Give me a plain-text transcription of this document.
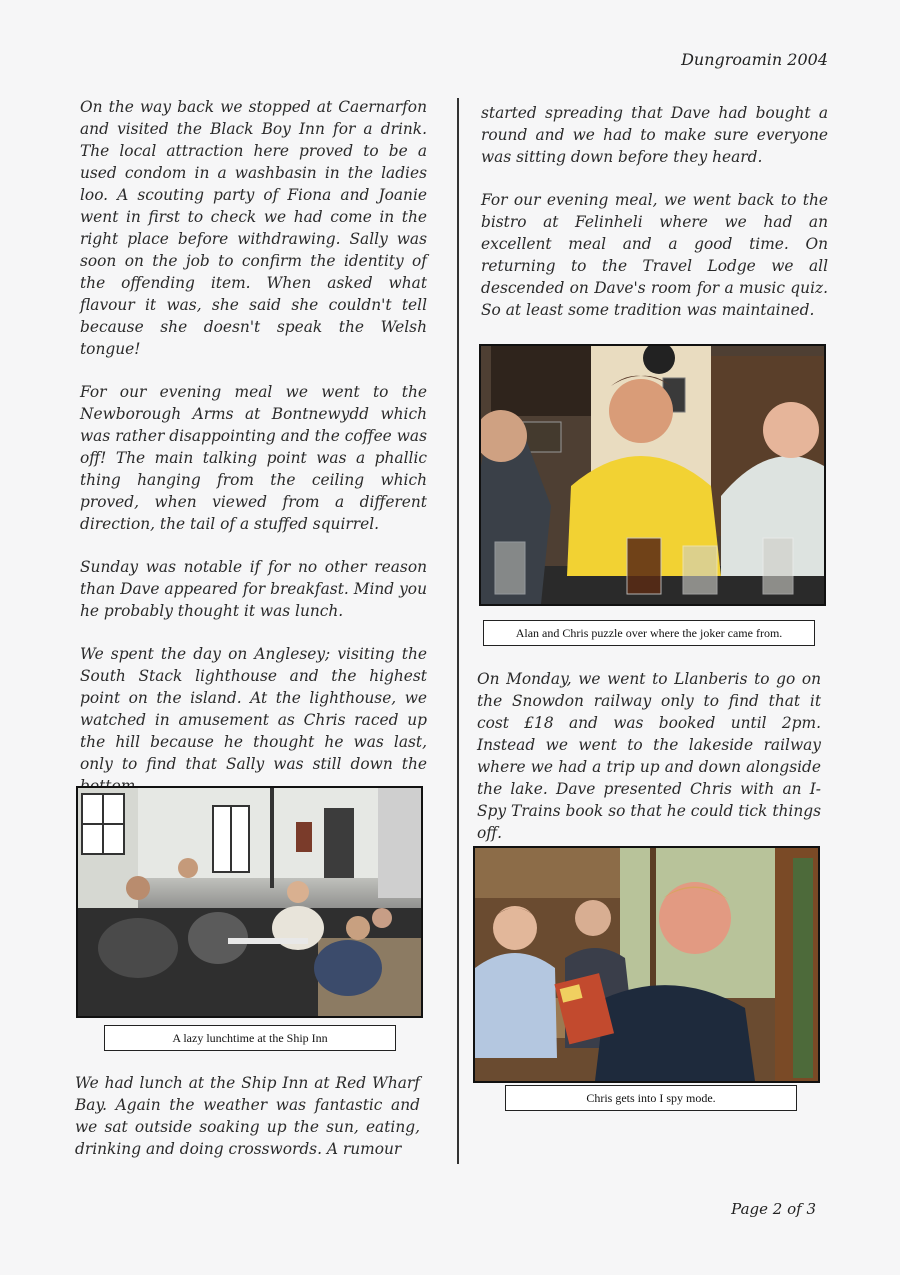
Dungroamin 2004

On the way back we stopped at Caernarfon and visited the Black Boy Inn for a drink. The local attraction here proved to be a used condom in a washbasin in the ladies loo. A scouting party of Fiona and Joanie went in first to check we had come in the right place before withdrawing. Sally was soon on the job to confirm the identity of the offending item. When asked what flavour it was, she said she couldn't tell because she doesn't speak the Welsh tongue!

For our evening meal we went to the Newborough Arms at Bontnewydd which was rather disappointing and the coffee was off! The main talking point was a phallic thing hanging from the ceiling which proved, when viewed from a different direction, the tail of a stuffed squirrel.

Sunday was notable if for no other reason than Dave appeared for breakfast. Mind you he probably thought it was lunch.

We spent the day on Anglesey; visiting the South Stack lighthouse and the highest point on the island. At the lighthouse, we watched in amusement as Chris raced up the hill because he thought he was last, only to find that Sally was still down the

A lazy lunchtime at the Ship Inn

We had lunch at the Ship Inn at Red Wharf Bay. Again the weather was fantastic and we sat outside soaking up the sun, eating, drinking and doing crosswords. A rumour

started spreading that Dave had bought a round and we had to make sure everyone was sitting down before they heard.

For our evening meal, we went back to the bistro at Felinheli where we had an excellent meal and a good time. On returning to the Travel Lodge we all descended on Dave's room for a music quiz. So at least some tradition was maintained.

Alan and Chris puzzle over where the joker came from.

On Monday, we went to Llanberis to go on the Snowdon railway only to find that it cost £18 and was booked until 2pm. Instead we went to the lakeside railway where we had a trip up and down alongside the lake. Dave presented Chris with an I-Spy Trains book so that he could tick things off.

Chris gets into I spy mode.
Page 2 of 3
